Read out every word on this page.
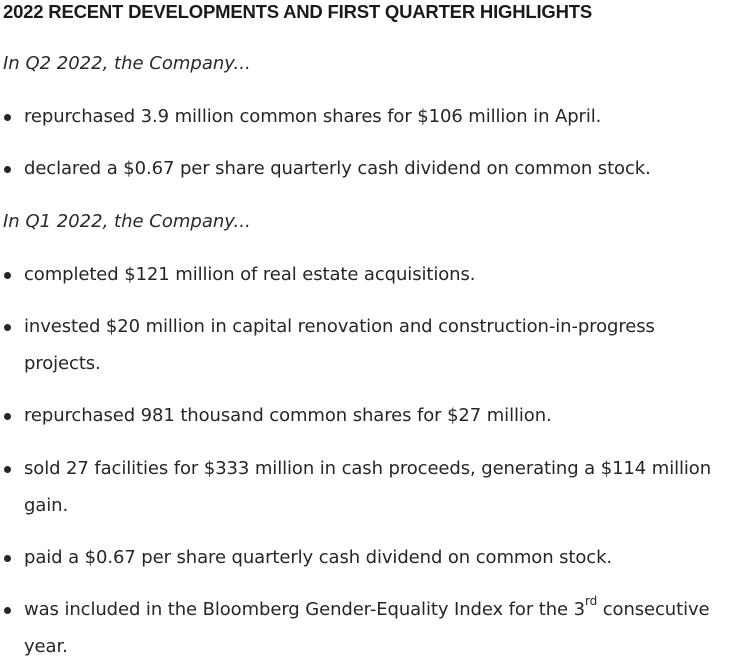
2022 RECENT DEVELOPMENTS AND FIRST QUARTER HIGHLIGHTS
In Q2 2022, the Company...
repurchased 3.9 million common shares for $106 million in April.
declared a $0.67 per share quarterly cash dividend on common stock.
In Q1 2022, the Company...
completed $121 million of real estate acquisitions.
invested $20 million in capital renovation and construction-in-progress projects.
repurchased 981 thousand common shares for $27 million.
sold 27 facilities for $333 million in cash proceeds, generating a $114 million gain.
paid a $0.67 per share quarterly cash dividend on common stock.
was included in the Bloomberg Gender-Equality Index for the 3rd consecutive year.
